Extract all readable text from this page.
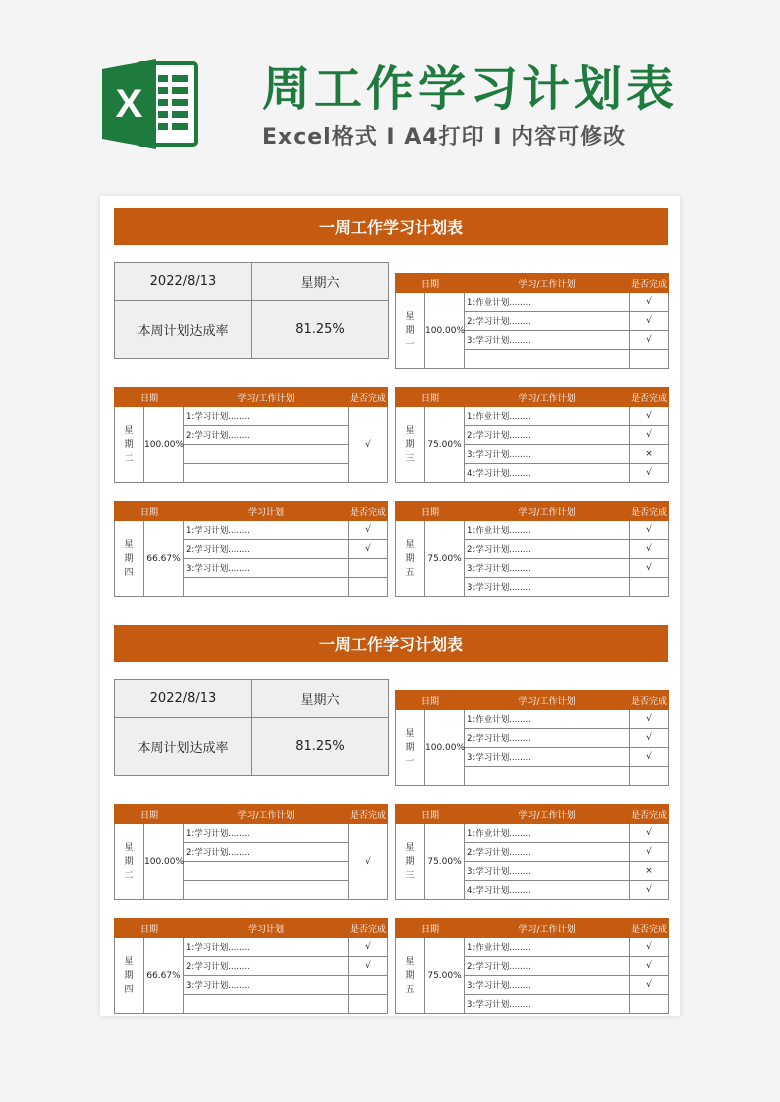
X 周工作学习计划表
Excel格式 I A4打印 I 内容可修改
一周工作学习计划表
2022/8/13	星期六
本周计划达成率	81.25%
日期		学习/工作计划	是否完成
星
期
一	100.00%	1:作业计划........	√
		2:学习计划........	√
		3:学习计划........	√

日期		学习/工作计划	是否完成
星
期
二	100.00%	1:学习计划........	√
		2:学习计划........	

日期		学习/工作计划	是否完成
星
期
三	75.00%	1:作业计划........	√
		2:学习计划........	√
		3:学习计划........	×
		4:学习计划........	√
日期		学习计划	是否完成
星
期
四	66.67%	1:学习计划........	√
		2:学习计划........	√
		3:学习计划........	

日期		学习/工作计划	是否完成
星
期
五	75.00%	1:作业计划........	√
		2:学习计划........	√
		3:学习计划........	√
		3:学习计划........	
一周工作学习计划表
2022/8/13	星期六
本周计划达成率	81.25%
日期		学习/工作计划	是否完成
星
期
一	100.00%	1:作业计划........	√
		2:学习计划........	√
		3:学习计划........	√

日期		学习/工作计划	是否完成
星
期
二	100.00%	1:学习计划........	√
		2:学习计划........	

日期		学习/工作计划	是否完成
星
期
三	75.00%	1:作业计划........	√
		2:学习计划........	√
		3:学习计划........	×
		4:学习计划........	√
日期		学习计划	是否完成
星
期
四	66.67%	1:学习计划........	√
		2:学习计划........	√
		3:学习计划........	

日期		学习/工作计划	是否完成
星
期
五	75.00%	1:作业计划........	√
		2:学习计划........	√
		3:学习计划........	√
		3:学习计划........	
